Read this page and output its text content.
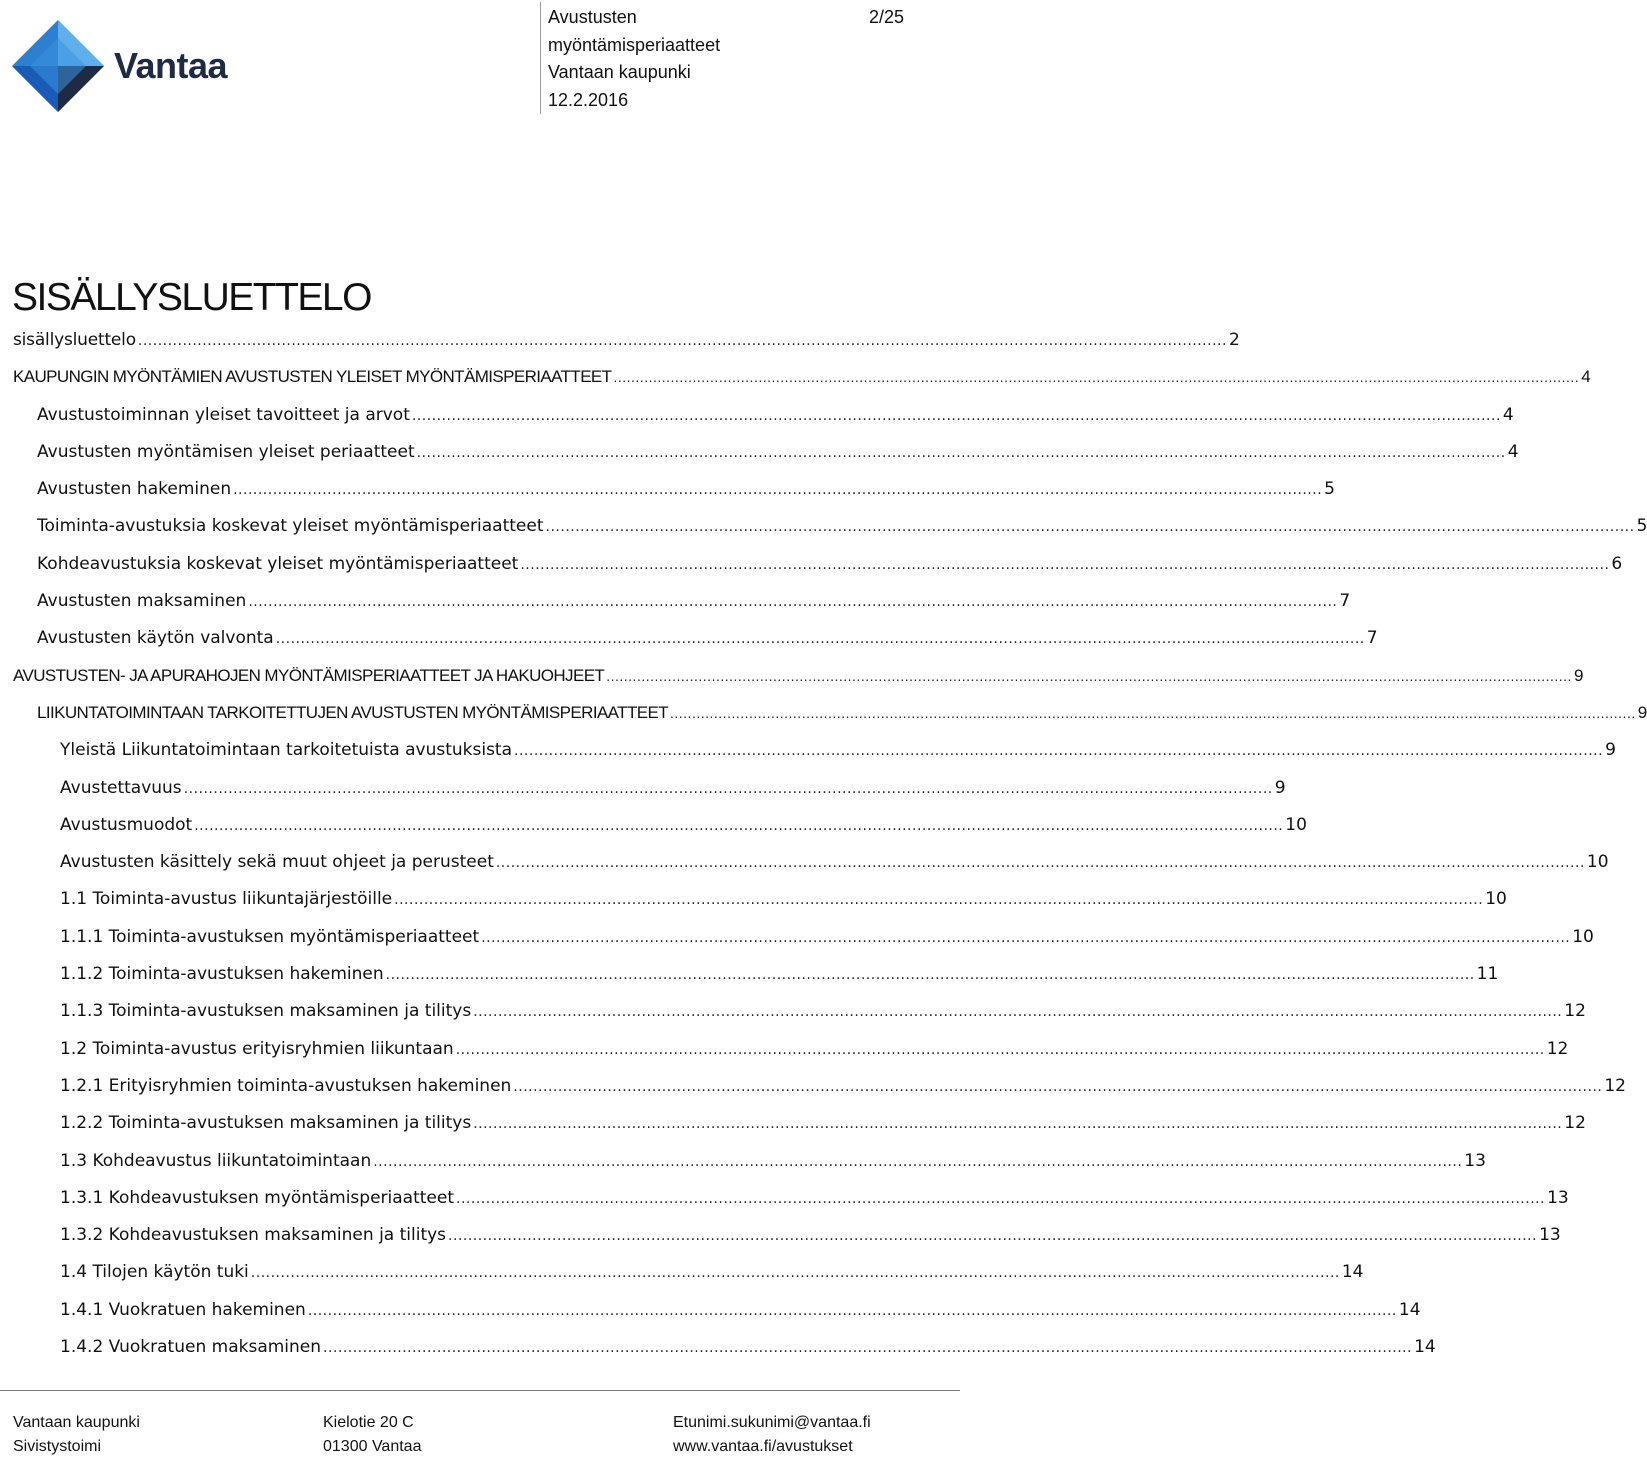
Vantaa
Avustusten
myöntämisperiaatteet
Vantaan kaupunki
12.2.2016
2/25
SISÄLLYSLUETTELO
sisällysluettelo ............................................................................................................................................................................................................................ 2
KAUPUNGIN MYÖNTÄMIEN AVUSTUSTEN YLEISET MYÖNTÄMISPERIAATTEET ............................................................................................................................................................................................................................ 4
Avustustoiminnan yleiset tavoitteet ja arvot ............................................................................................................................................................................................................................ 4
Avustusten myöntämisen yleiset periaatteet ............................................................................................................................................................................................................................ 4
Avustusten hakeminen ............................................................................................................................................................................................................................ 5
Toiminta-avustuksia koskevat yleiset myöntämisperiaatteet ............................................................................................................................................................................................................................ 5
Kohdeavustuksia koskevat yleiset myöntämisperiaatteet ............................................................................................................................................................................................................................ 6
Avustusten maksaminen ............................................................................................................................................................................................................................ 7
Avustusten käytön valvonta ............................................................................................................................................................................................................................ 7
AVUSTUSTEN- JA APURAHOJEN MYÖNTÄMISPERIAATTEET JA HAKUOHJEET ............................................................................................................................................................................................................................ 9
LIIKUNTATOIMINTAAN TARKOITETTUJEN AVUSTUSTEN MYÖNTÄMISPERIAATTEET ............................................................................................................................................................................................................................ 9
Yleistä Liikuntatoimintaan tarkoitetuista avustuksista ............................................................................................................................................................................................................................ 9
Avustettavuus ............................................................................................................................................................................................................................ 9
Avustusmuodot ............................................................................................................................................................................................................................ 10
Avustusten käsittely sekä muut ohjeet ja perusteet ............................................................................................................................................................................................................................ 10
1.1 Toiminta-avustus liikuntajärjestöille ............................................................................................................................................................................................................................ 10
1.1.1 Toiminta-avustuksen myöntämisperiaatteet ............................................................................................................................................................................................................................ 10
1.1.2 Toiminta-avustuksen hakeminen ............................................................................................................................................................................................................................ 11
1.1.3 Toiminta-avustuksen maksaminen ja tilitys ............................................................................................................................................................................................................................ 12
1.2 Toiminta-avustus erityisryhmien liikuntaan ............................................................................................................................................................................................................................ 12
1.2.1 Erityisryhmien toiminta-avustuksen hakeminen ............................................................................................................................................................................................................................ 12
1.2.2 Toiminta-avustuksen maksaminen ja tilitys ............................................................................................................................................................................................................................ 12
1.3 Kohdeavustus liikuntatoimintaan ............................................................................................................................................................................................................................ 13
1.3.1 Kohdeavustuksen myöntämisperiaatteet ............................................................................................................................................................................................................................ 13
1.3.2 Kohdeavustuksen maksaminen ja tilitys ............................................................................................................................................................................................................................ 13
1.4 Tilojen käytön tuki ............................................................................................................................................................................................................................ 14
1.4.1 Vuokratuen hakeminen ............................................................................................................................................................................................................................ 14
1.4.2 Vuokratuen maksaminen ............................................................................................................................................................................................................................ 14
Vantaan kaupunki
Sivistystoimi
Kielotie 20 C
01300 Vantaa
Etunimi.sukunimi@vantaa.fi
www.vantaa.fi/avustukset
